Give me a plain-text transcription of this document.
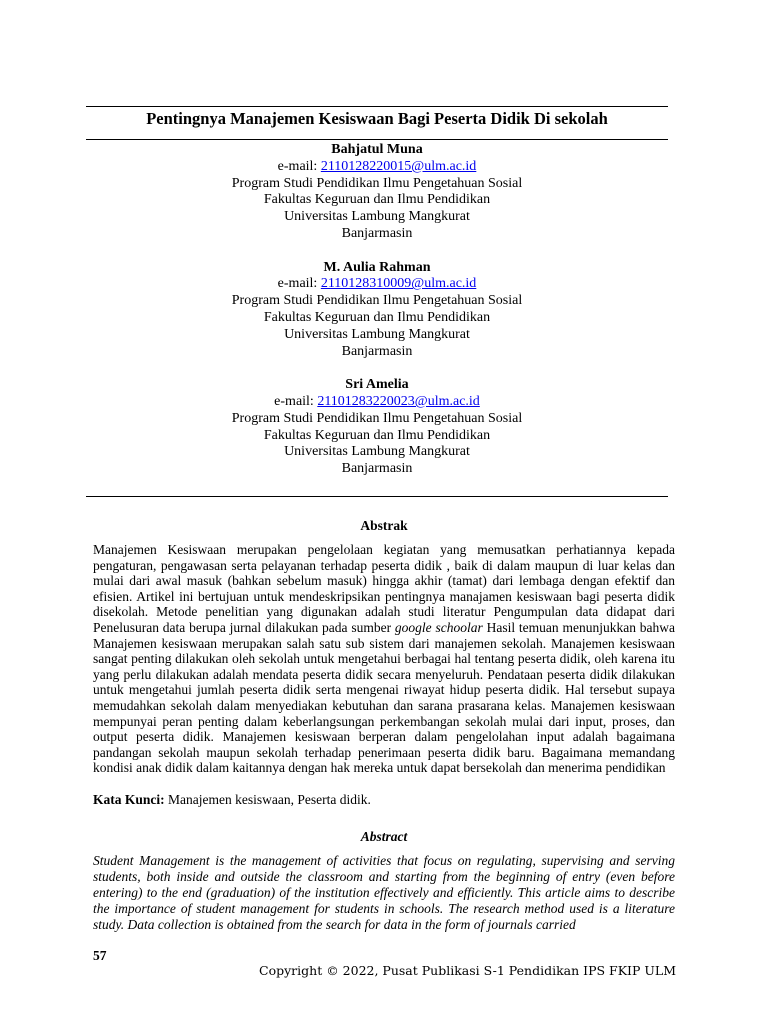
Pentingnya Manajemen Kesiswaan Bagi Peserta Didik Di sekolah
Bahjatul Muna
e-mail: 2110128220015@ulm.ac.id
Program Studi Pendidikan Ilmu Pengetahuan Sosial
Fakultas Keguruan dan Ilmu Pendidikan
Universitas Lambung Mangkurat
Banjarmasin
M. Aulia Rahman
e-mail: 2110128310009@ulm.ac.id
Program Studi Pendidikan Ilmu Pengetahuan Sosial
Fakultas Keguruan dan Ilmu Pendidikan
Universitas Lambung Mangkurat
Banjarmasin
Sri Amelia
e-mail: 21101283220023@ulm.ac.id
Program Studi Pendidikan Ilmu Pengetahuan Sosial
Fakultas Keguruan dan Ilmu Pendidikan
Universitas Lambung Mangkurat
Banjarmasin
Abstrak
Manajemen Kesiswaan merupakan pengelolaan kegiatan yang memusatkan perhatiannya kepada pengaturan, pengawasan serta pelayanan terhadap peserta didik , baik di dalam maupun di luar kelas dan mulai dari awal masuk (bahkan sebelum masuk) hingga akhir (tamat) dari lembaga dengan efektif dan efisien. Artikel ini bertujuan untuk mendeskripsikan pentingnya manajamen kesiswaan bagi peserta didik disekolah. Metode penelitian yang digunakan adalah studi literatur Pengumpulan data didapat dari Penelusuran data berupa jurnal dilakukan pada sumber google schoolar Hasil temuan menunjukkan bahwa Manajemen kesiswaan merupakan salah satu sub sistem dari manajemen sekolah. Manajemen kesiswaan sangat penting dilakukan oleh sekolah untuk mengetahui berbagai hal tentang peserta didik, oleh karena itu yang perlu dilakukan adalah mendata peserta didik secara menyeluruh. Pendataan peserta didik dilakukan untuk mengetahui jumlah peserta didik serta mengenai riwayat hidup peserta didik. Hal tersebut supaya memudahkan sekolah dalam menyediakan kebutuhan dan sarana prasarana kelas. Manajemen kesiswaan mempunyai peran penting dalam keberlangsungan perkembangan sekolah mulai dari input, proses, dan output peserta didik. Manajemen kesiswaan berperan dalam pengelolahan input adalah bagaimana pandangan sekolah maupun sekolah terhadap penerimaan peserta didik baru. Bagaimana memandang kondisi anak didik dalam kaitannya dengan hak mereka untuk dapat bersekolah dan menerima pendidikan
Kata Kunci: Manajemen kesiswaan, Peserta didik.
Abstract
Student Management is the management of activities that focus on regulating, supervising and serving students, both inside and outside the classroom and starting from the beginning of entry (even before entering) to the end (graduation) of the institution effectively and efficiently. This article aims to describe the importance of student management for students in schools. The research method used is a literature study. Data collection is obtained from the search for data in the form of journals carried
57
Copyright © 2022, Pusat Publikasi S-1 Pendidikan IPS FKIP ULM
